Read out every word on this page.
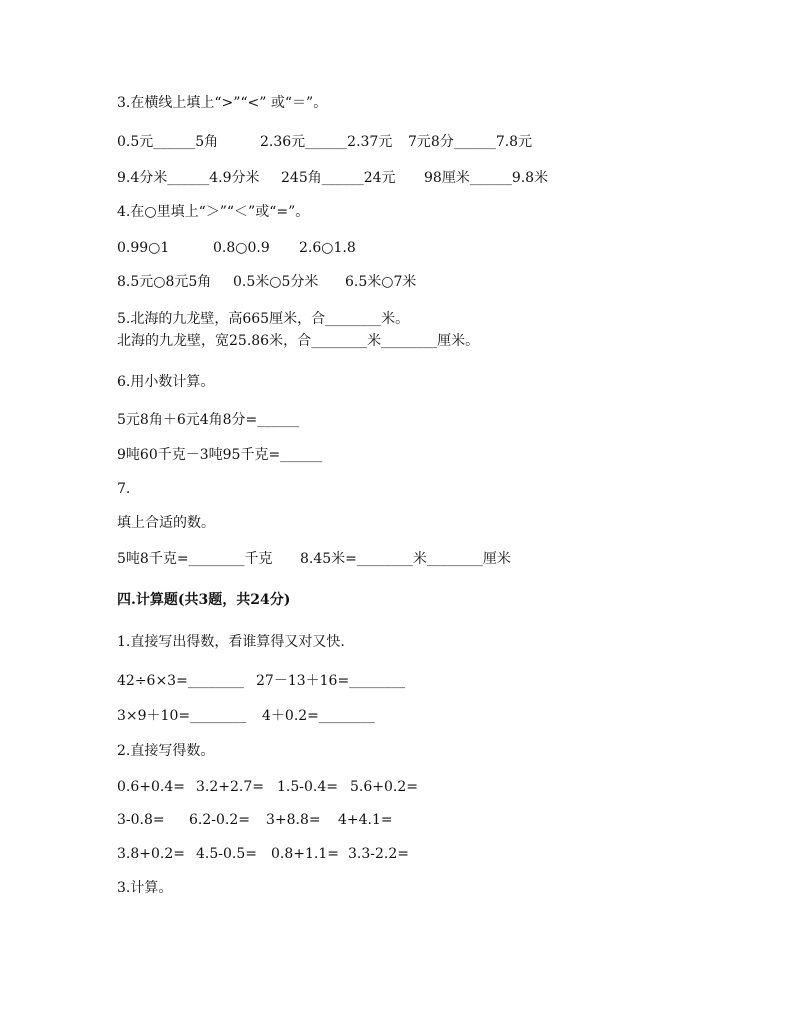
3.在横线上填上“>”“<” 或“＝”。
0.5元______5角	2.36元______2.37元 7元8分______7.8元
9.4分米______4.9分米 245角______24元 98厘米______9.8米
4.在○里填上“＞”“＜”或“=”。
0.99○1	0.8○0.9 2.6○1.8
8.5元○8元5角 0.5米○5分米 6.5米○7米
5.北海的九龙壁，高665厘米，合________米。
北海的九龙壁，宽25.86米，合________米________厘米。
6.用小数计算。
5元8角＋6元4角8分=______
9吨60千克－3吨95千克=______
7.
填上合适的数。
5吨8千克=________千克 8.45米=________米________厘米
四.计算题(共3题，共24分)
1.直接写出得数，看谁算得又对又快.
42÷6×3=________ 27－13＋16=________
3×9＋10=________ 4＋0.2=________
2.直接写得数。
0.6+0.4= 3.2+2.7= 1.5-0.4= 5.6+0.2=
3-0.8= 6.2-0.2= 3+8.8= 4+4.1=
3.8+0.2= 4.5-0.5= 0.8+1.1= 3.3-2.2=
3.计算。
